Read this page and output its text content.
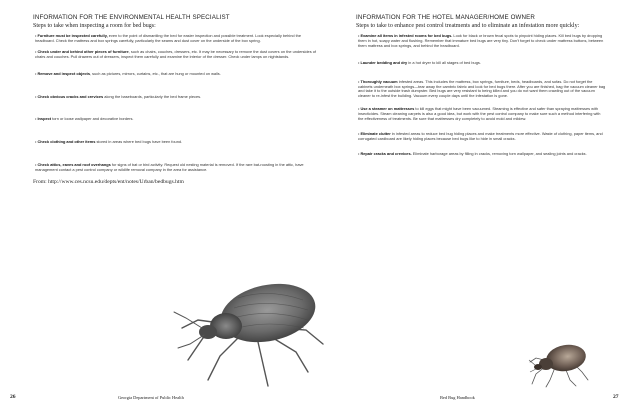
INFORMATION FOR THE ENVIRONMENTAL HEALTH SPECIALIST
Steps to take when inspecting a room for bed bugs:
• Furniture must be inspected carefully, even to the point of dismantling the bed for easier inspection and possible treatment. Look especially behind the headboard. Check the mattress and box springs carefully, particularly the seams and dust cover on the underside of the box spring.
• Check under and behind other pieces of furniture, such as chairs, couches, dressers, etc. It may be necessary to remove the dust covers on the undersides of chairs and couches. Pull drawers out of dressers, inspect them carefully and examine the interior of the dresser. Check under lamps on nightstands.
• Remove and inspect objects, such as pictures, mirrors, curtains, etc., that are hung or mounted on walls.
• Check obvious cracks and crevices along the baseboards, particularly the bed frame pieces.
• Inspect torn or loose wallpaper and decorative borders.
• Check clothing and other items stored in areas where bed bugs have been found.
• Check attics, eaves and roof overhangs for signs of bat or bird activity. Request old nesting material is removed. If the rare bat-roosting in the attic, have management contact a pest control company or wildlife removal company in the area for assistance.
From: http://www.ces.ncsu.edu/depts/ent/notes/Urban/bedbugs.htm
INFORMATION FOR THE HOTEL MANAGER/HOME OWNER
Steps to take to enhance pest control treatments and to eliminate an infestation more quickly:
• Examine all items in infested rooms for bed bugs. Look for black or brown fecal spots to pinpoint hiding places. Kill bed bugs by dropping them in hot, soapy water and flushing. Remember that immature bed bugs are very tiny. Don't forget to check under mattress buttons, between them mattress and box springs, and behind the headboard.
• Launder bedding and dry in a hot dryer to kill all stages of bed bugs.
• Thoroughly vacuum infested areas. This includes the mattress, box springs, furniture, beds, headboards, and sofas. Do not forget the cabinets underneath box springs—tear away the cambric fabric and look for bed bugs there. After you are finished, bag the vacuum cleaner bag and take it to the outside trash dumpster. Bed bugs are very resistant to being killed and you do not want them crawling out of the vacuum cleaner to re-infest the building. Vacuum every couple days until the infestation is gone.
• Use a steamer on mattresses to kill eggs that might have been vacuumed. Steaming is effective and safer than spraying mattresses with insecticides. Steam cleaning carpets is also a good idea, but work with the pest control company to make sure such a method interfering with the effectiveness of treatments. Be sure that mattresses dry completely to avoid mold and mildew.
• Eliminate clutter in infested areas to reduce bed bug hiding places and make treatments more effective. Waste of clothing, paper items, and corrugated cardboard are likely hiding places because bed bugs like to hide in small cracks.
• Repair cracks and crevices. Eliminate harborage areas by filling in cracks, removing torn wallpaper, and sealing joints and cracks.
26	Georgia Department of Public Health	Bed Bug Handbook	27
